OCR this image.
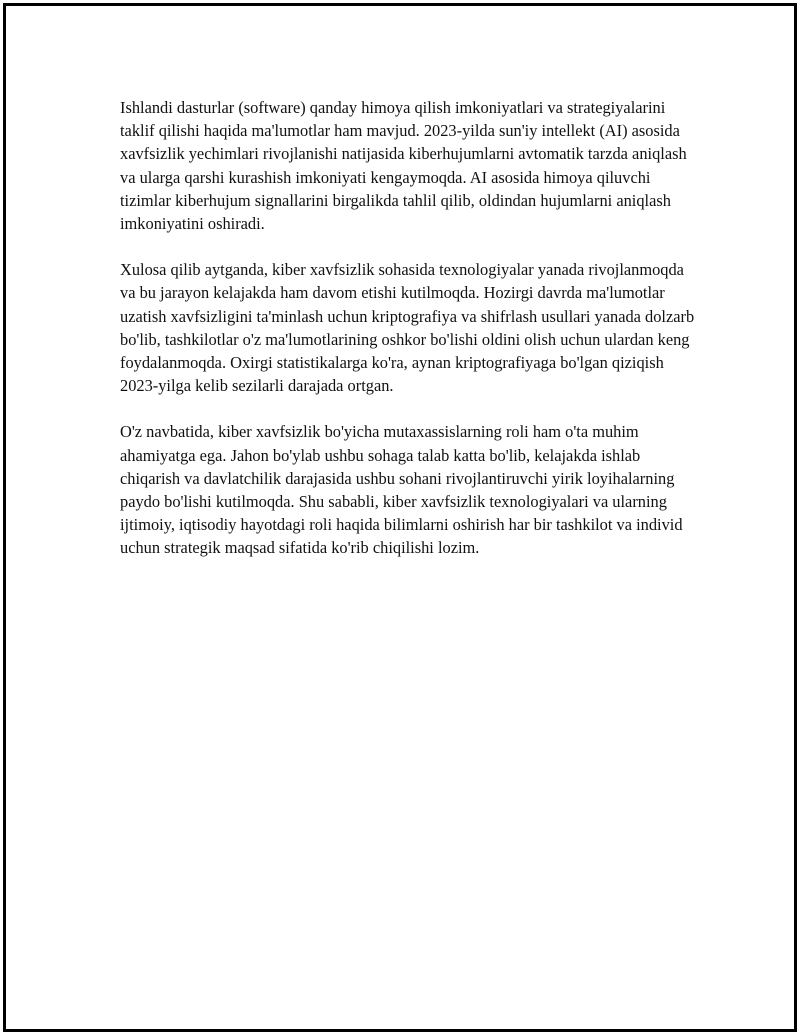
Ishlandi dasturlar (software) qanday himoya qilish imkoniyatlari va strategiyalarini taklif qilishi haqida ma'lumotlar ham mavjud. 2023-yilda sun'iy intellekt (AI) asosida xavfsizlik yechimlari rivojlanishi natijasida kiberhujumlarni avtomatik tarzda aniqlash va ularga qarshi kurashish imkoniyati kengaymoqda. AI asosida himoya qiluvchi tizimlar kiberhujum signallarini birgalikda tahlil qilib, oldindan hujumlarni aniqlash imkoniyatini oshiradi.

Xulosa qilib aytganda, kiber xavfsizlik sohasida texnologiyalar yanada rivojlanmoqda va bu jarayon kelajakda ham davom etishi kutilmoqda. Hozirgi davrda ma'lumotlar uzatish xavfsizligini ta'minlash uchun kriptografiya va shifrlash usullari yanada dolzarb bo'lib, tashkilotlar o'z ma'lumotlarining oshkor bo'lishi oldini olish uchun ulardan keng foydalanmoqda. Oxirgi statistikalarga ko'ra, aynan kriptografiyaga bo'lgan qiziqish 2023-yilga kelib sezilarli darajada ortgan.

O'z navbatida, kiber xavfsizlik bo'yicha mutaxassislarning roli ham o'ta muhim ahamiyatga ega. Jahon bo'ylab ushbu sohaga talab katta bo'lib, kelajakda ishlab chiqarish va davlatchilik darajasida ushbu sohani rivojlantiruvchi yirik loyihalarning paydo bo'lishi kutilmoqda. Shu sababli, kiber xavfsizlik texnologiyalari va ularning ijtimoiy, iqtisodiy hayotdagi roli haqida bilimlarni oshirish har bir tashkilot va individ uchun strategik maqsad sifatida ko'rib chiqilishi lozim.
